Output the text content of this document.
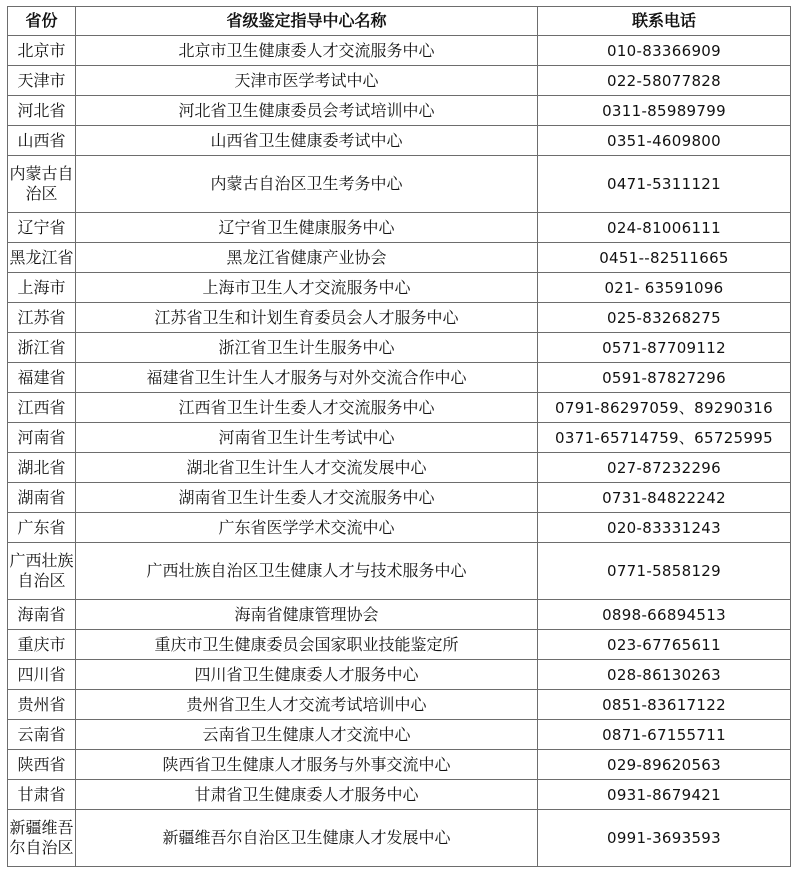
省份	省级鉴定指导中心名称	联系电话
北京市	北京市卫生健康委人才交流服务中心	010-83366909
天津市	天津市医学考试中心	022-58077828
河北省	河北省卫生健康委员会考试培训中心	0311-85989799
山西省	山西省卫生健康委考试中心	0351-4609800
内蒙古自治区	内蒙古自治区卫生考务中心	0471-5311121
辽宁省	辽宁省卫生健康服务中心	024-81006111
黑龙江省	黑龙江省健康产业协会	0451--82511665
上海市	上海市卫生人才交流服务中心	021- 63591096
江苏省	江苏省卫生和计划生育委员会人才服务中心	025-83268275
浙江省	浙江省卫生计生服务中心	0571-87709112
福建省	福建省卫生计生人才服务与对外交流合作中心	0591-87827296
江西省	江西省卫生计生委人才交流服务中心	0791-86297059、89290316
河南省	河南省卫生计生考试中心	0371-65714759、65725995
湖北省	湖北省卫生计生人才交流发展中心	027-87232296
湖南省	湖南省卫生计生委人才交流服务中心	0731-84822242
广东省	广东省医学学术交流中心	020-83331243
广西壮族自治区	广西壮族自治区卫生健康人才与技术服务中心	0771-5858129
海南省	海南省健康管理协会	0898-66894513
重庆市	重庆市卫生健康委员会国家职业技能鉴定所	023-67765611
四川省	四川省卫生健康委人才服务中心	028-86130263
贵州省	贵州省卫生人才交流考试培训中心	0851-83617122
云南省	云南省卫生健康人才交流中心	0871-67155711
陕西省	陕西省卫生健康人才服务与外事交流中心	029-89620563
甘肃省	甘肃省卫生健康委人才服务中心	0931-8679421
新疆维吾尔自治区	新疆维吾尔自治区卫生健康人才发展中心	0991-3693593
